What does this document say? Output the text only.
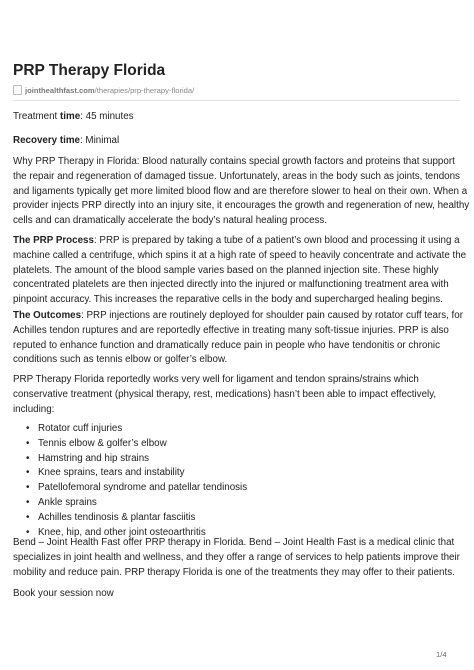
PRP Therapy Florida
jointhealthfast.com/therapies/prp-therapy-florida/

Treatment time: 45 minutes

Recovery time: Minimal

Why PRP Therapy in Florida: Blood naturally contains special growth factors and proteins that support
the repair and regeneration of damaged tissue. Unfortunately, areas in the body such as joints, tendons
and ligaments typically get more limited blood flow and are therefore slower to heal on their own. When a
provider injects PRP directly into an injury site, it encourages the growth and regeneration of new, healthy
cells and can dramatically accelerate the body’s natural healing process.

The PRP Process: PRP is prepared by taking a tube of a patient’s own blood and processing it using a
machine called a centrifuge, which spins it at a high rate of speed to heavily concentrate and activate the
platelets. The amount of the blood sample varies based on the planned injection site. These highly
concentrated platelets are then injected directly into the injured or malfunctioning treatment area with
pinpoint accuracy. This increases the reparative cells in the body and supercharged healing begins.

The Outcomes: PRP injections are routinely deployed for shoulder pain caused by rotator cuff tears, for
Achilles tendon ruptures and are reportedly effective in treating many soft-tissue injuries. PRP is also
reputed to enhance function and dramatically reduce pain in people who have tendonitis or chronic
conditions such as tennis elbow or golfer’s elbow.

PRP Therapy Florida reportedly works very well for ligament and tendon sprains/strains which
conservative treatment (physical therapy, rest, medications) hasn’t been able to impact effectively,
including:

• Rotator cuff injuries
• Tennis elbow & golfer’s elbow
• Hamstring and hip strains
• Knee sprains, tears and instability
• Patellofemoral syndrome and patellar tendinosis
• Ankle sprains
• Achilles tendinosis & plantar fasciitis
• Knee, hip, and other joint osteoarthritis

Bend – Joint Health Fast offer PRP therapy in Florida. Bend – Joint Health Fast is a medical clinic that
specializes in joint health and wellness, and they offer a range of services to help patients improve their
mobility and reduce pain. PRP therapy Florida is one of the treatments they may offer to their patients.

Book your session now

1/4
